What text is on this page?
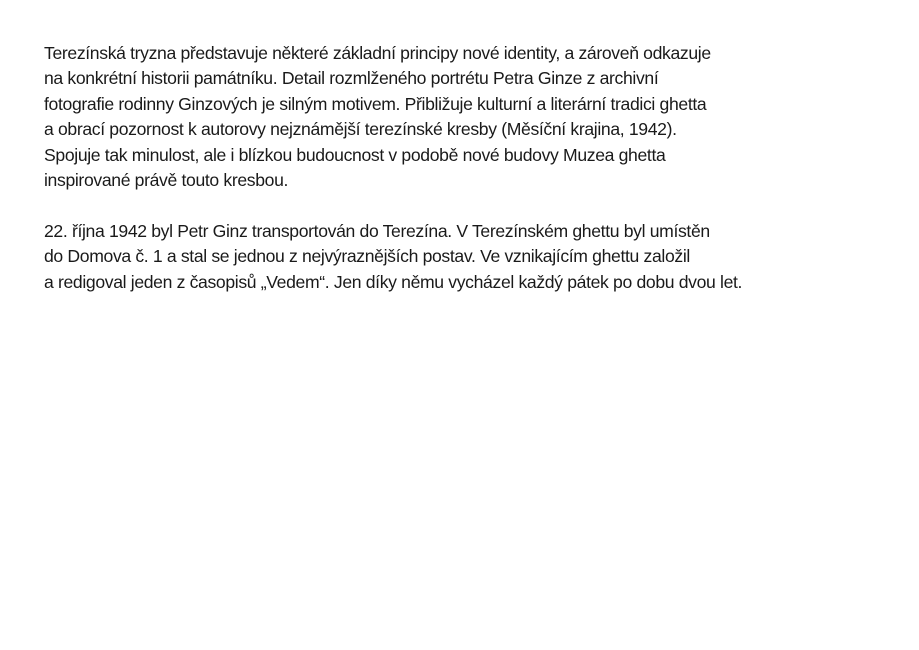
Terezínská tryzna představuje některé základní principy nové identity, a zároveň odkazuje
na konkrétní historii památníku. Detail rozmlženého portrétu Petra Ginze z archivní
fotografie rodinny Ginzových je silným motivem. Přibližuje kulturní a literární tradici ghetta
a obrací pozornost k autorovy nejznámější terezínské kresby (Měsíční krajina, 1942).
Spojuje tak minulost, ale i blízkou budoucnost v podobě nové budovy Muzea ghetta
inspirované právě touto kresbou.

22. října 1942 byl Petr Ginz transportován do Terezína. V Terezínském ghettu byl umístěn
do Domova č. 1 a stal se jednou z nejvýraznějších postav. Ve vznikajícím ghettu založil
a redigoval jeden z časopisů „Vedem“. Jen díky němu vycházel každý pátek po dobu dvou let.
